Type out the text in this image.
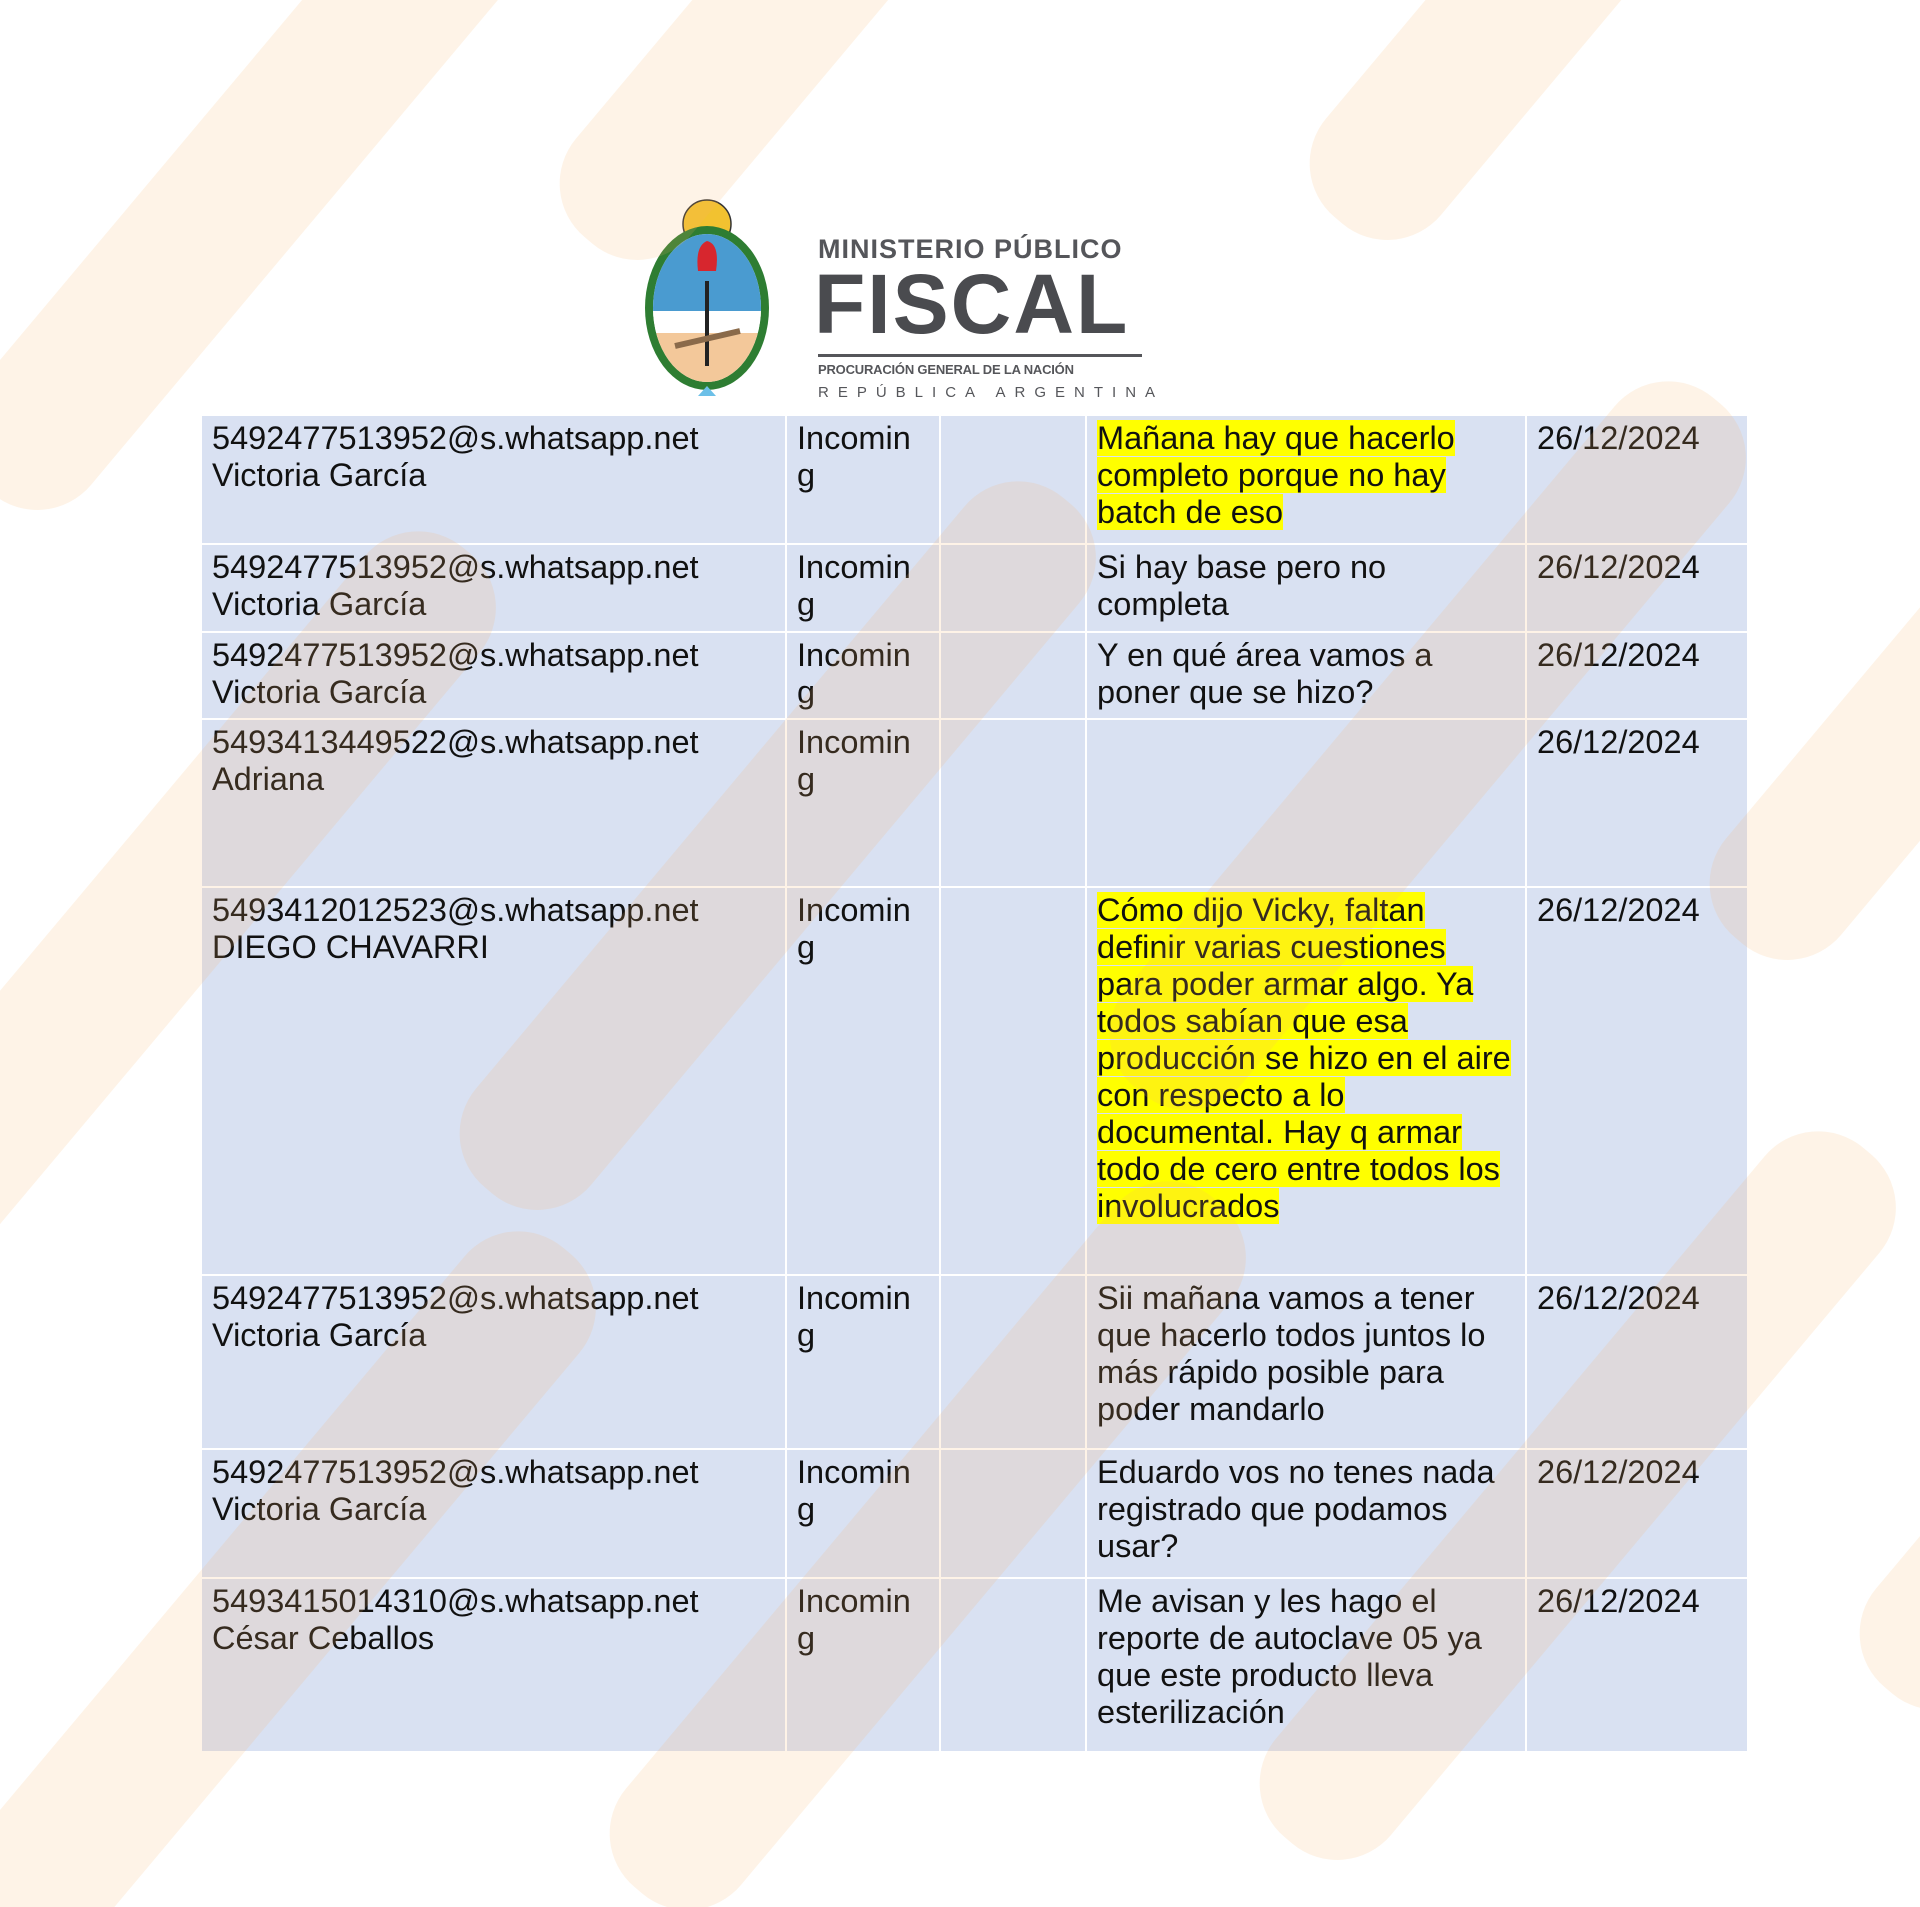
MINISTERIO PÚBLICO
FISCAL
PROCURACIÓN GENERAL DE LA NACIÓN
REPÚBLICA ARGENTINA
5492477513952@s.whatsapp.net
Victoria García	Incoming		Mañana hay que hacerlo completo porque no hay batch de eso	26/12/2024
5492477513952@s.whatsapp.net
Victoria García	Incoming		Si hay base pero no completa	26/12/2024
5492477513952@s.whatsapp.net
Victoria García	Incoming		Y en qué área vamos a poner que se hizo?	26/12/2024
5493413449522@s.whatsapp.net
Adriana	Incoming			26/12/2024
5493412012523@s.whatsapp.net
DIEGO CHAVARRI	Incoming		Cómo dijo Vicky, faltan definir varias cuestiones para poder armar algo. Ya todos sabían que esa producción se hizo en el aire con respecto a lo documental. Hay q armar todo de cero entre todos los involucrados	26/12/2024
5492477513952@s.whatsapp.net
Victoria García	Incoming		Sii mañana vamos a tener que hacerlo todos juntos lo más rápido posible para poder mandarlo	26/12/2024
5492477513952@s.whatsapp.net
Victoria García	Incoming		Eduardo vos no tenes nada registrado que podamos usar?	26/12/2024
5493415014310@s.whatsapp.net
César Ceballos	Incoming		Me avisan y les hago el reporte de autoclave 05 ya que este producto lleva esterilización	26/12/2024
